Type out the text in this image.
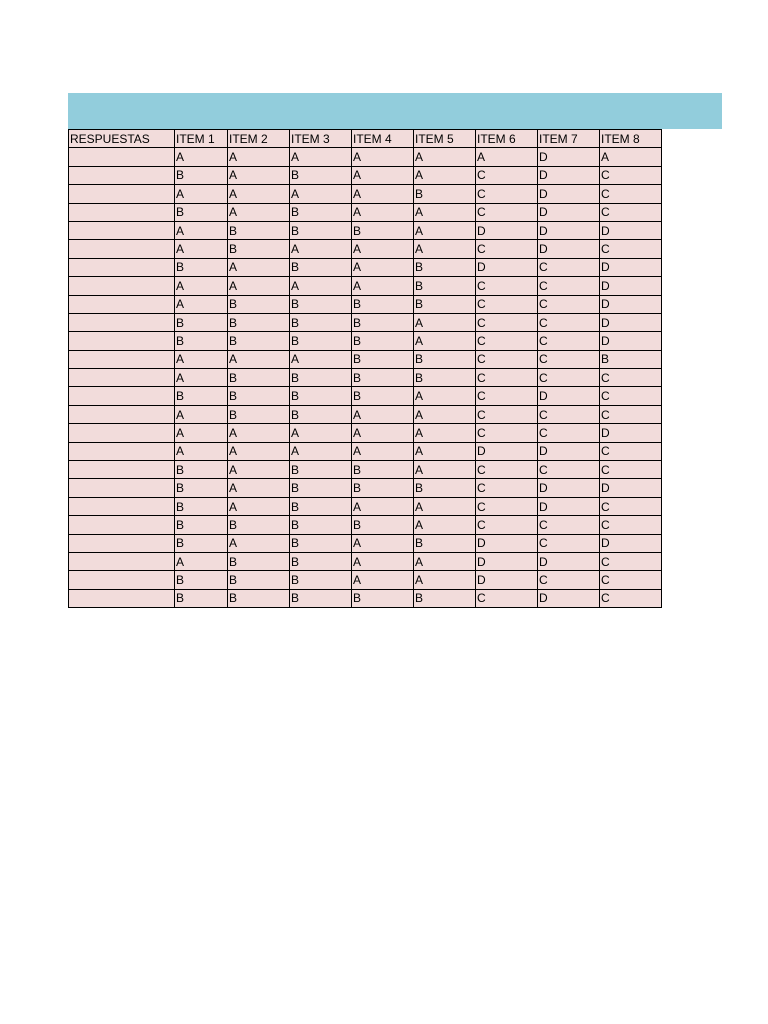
RESPUESTAS	ITEM 1	ITEM 2	ITEM 3	ITEM 4	ITEM 5	ITEM 6	ITEM 7	ITEM 8
	A	A	A	A	A	A	D	A
	B	A	B	A	A	C	D	C
	A	A	A	A	B	C	D	C
	B	A	B	A	A	C	D	C
	A	B	B	B	A	D	D	D
	A	B	A	A	A	C	D	C
	B	A	B	A	B	D	C	D
	A	A	A	A	B	C	C	D
	A	B	B	B	B	C	C	D
	B	B	B	B	A	C	C	D
	B	B	B	B	A	C	C	D
	A	A	A	B	B	C	C	B
	A	B	B	B	B	C	C	C
	B	B	B	B	A	C	D	C
	A	B	B	A	A	C	C	C
	A	A	A	A	A	C	C	D
	A	A	A	A	A	D	D	C
	B	A	B	B	A	C	C	C
	B	A	B	B	B	C	D	D
	B	A	B	A	A	C	D	C
	B	B	B	B	A	C	C	C
	B	A	B	A	B	D	C	D
	A	B	B	A	A	D	D	C
	B	B	B	A	A	D	C	C
	B	B	B	B	B	C	D	C
